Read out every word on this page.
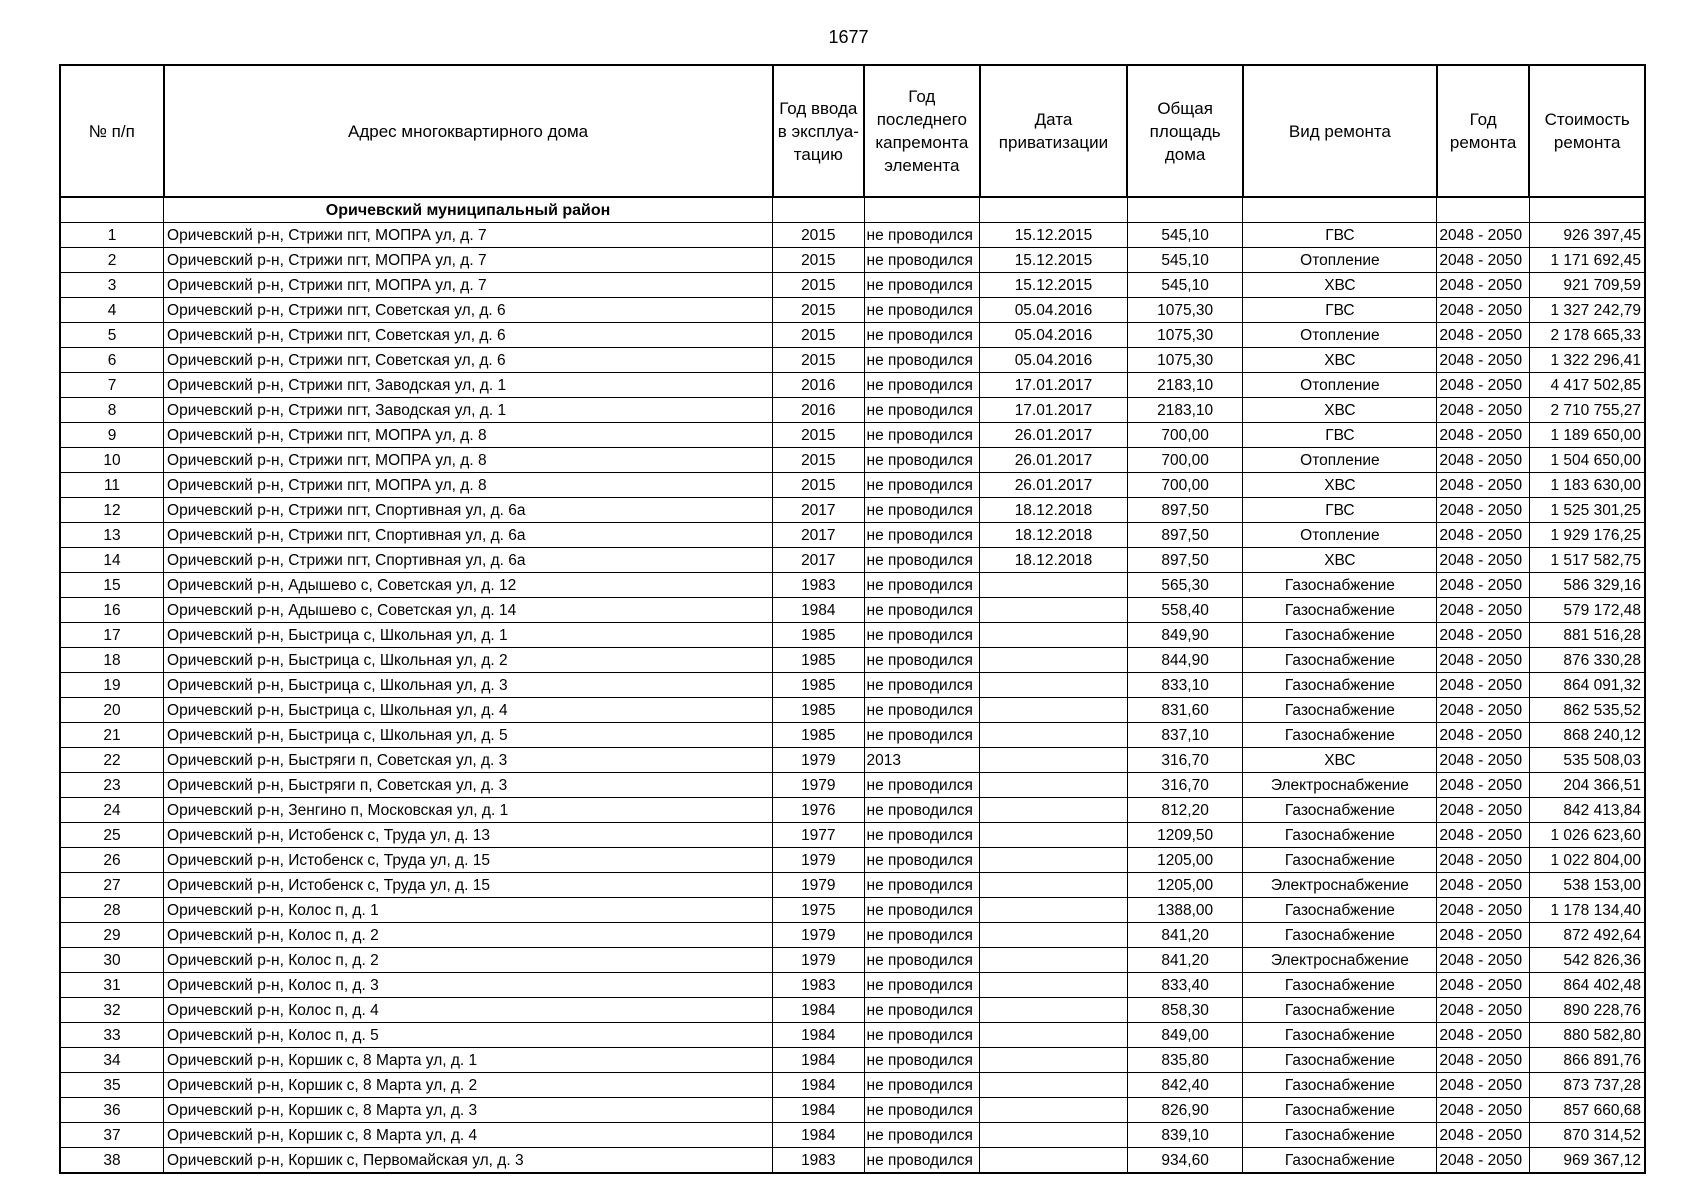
1677
№ п/п	Адрес многоквартирного дома	Год ввода в эксплуа-тацию	Год последнего капремонта элемента	Дата приватизации	Общая площадь дома	Вид ремонта	Год ремонта	Стоимость ремонта
	Оричевский муниципальный район							
1	Оричевский р-н, Стрижи пгт, МОПРА ул, д. 7	2015	не проводился	15.12.2015	545,10	ГВС	2048 - 2050	926 397,45
2	Оричевский р-н, Стрижи пгт, МОПРА ул, д. 7	2015	не проводился	15.12.2015	545,10	Отопление	2048 - 2050	1 171 692,45
3	Оричевский р-н, Стрижи пгт, МОПРА ул, д. 7	2015	не проводился	15.12.2015	545,10	ХВС	2048 - 2050	921 709,59
4	Оричевский р-н, Стрижи пгт, Советская ул, д. 6	2015	не проводился	05.04.2016	1075,30	ГВС	2048 - 2050	1 327 242,79
5	Оричевский р-н, Стрижи пгт, Советская ул, д. 6	2015	не проводился	05.04.2016	1075,30	Отопление	2048 - 2050	2 178 665,33
6	Оричевский р-н, Стрижи пгт, Советская ул, д. 6	2015	не проводился	05.04.2016	1075,30	ХВС	2048 - 2050	1 322 296,41
7	Оричевский р-н, Стрижи пгт, Заводская ул, д. 1	2016	не проводился	17.01.2017	2183,10	Отопление	2048 - 2050	4 417 502,85
8	Оричевский р-н, Стрижи пгт, Заводская ул, д. 1	2016	не проводился	17.01.2017	2183,10	ХВС	2048 - 2050	2 710 755,27
9	Оричевский р-н, Стрижи пгт, МОПРА ул, д. 8	2015	не проводился	26.01.2017	700,00	ГВС	2048 - 2050	1 189 650,00
10	Оричевский р-н, Стрижи пгт, МОПРА ул, д. 8	2015	не проводился	26.01.2017	700,00	Отопление	2048 - 2050	1 504 650,00
11	Оричевский р-н, Стрижи пгт, МОПРА ул, д. 8	2015	не проводился	26.01.2017	700,00	ХВС	2048 - 2050	1 183 630,00
12	Оричевский р-н, Стрижи пгт, Спортивная ул, д. 6а	2017	не проводился	18.12.2018	897,50	ГВС	2048 - 2050	1 525 301,25
13	Оричевский р-н, Стрижи пгт, Спортивная ул, д. 6а	2017	не проводился	18.12.2018	897,50	Отопление	2048 - 2050	1 929 176,25
14	Оричевский р-н, Стрижи пгт, Спортивная ул, д. 6а	2017	не проводился	18.12.2018	897,50	ХВС	2048 - 2050	1 517 582,75
15	Оричевский р-н, Адышево с, Советская ул, д. 12	1983	не проводился		565,30	Газоснабжение	2048 - 2050	586 329,16
16	Оричевский р-н, Адышево с, Советская ул, д. 14	1984	не проводился		558,40	Газоснабжение	2048 - 2050	579 172,48
17	Оричевский р-н, Быстрица с, Школьная ул, д. 1	1985	не проводился		849,90	Газоснабжение	2048 - 2050	881 516,28
18	Оричевский р-н, Быстрица с, Школьная ул, д. 2	1985	не проводился		844,90	Газоснабжение	2048 - 2050	876 330,28
19	Оричевский р-н, Быстрица с, Школьная ул, д. 3	1985	не проводился		833,10	Газоснабжение	2048 - 2050	864 091,32
20	Оричевский р-н, Быстрица с, Школьная ул, д. 4	1985	не проводился		831,60	Газоснабжение	2048 - 2050	862 535,52
21	Оричевский р-н, Быстрица с, Школьная ул, д. 5	1985	не проводился		837,10	Газоснабжение	2048 - 2050	868 240,12
22	Оричевский р-н, Быстряги п, Советская ул, д. 3	1979	2013		316,70	ХВС	2048 - 2050	535 508,03
23	Оричевский р-н, Быстряги п, Советская ул, д. 3	1979	не проводился		316,70	Электроснабжение	2048 - 2050	204 366,51
24	Оричевский р-н, Зенгино п, Московская ул, д. 1	1976	не проводился		812,20	Газоснабжение	2048 - 2050	842 413,84
25	Оричевский р-н, Истобенск с, Труда ул, д. 13	1977	не проводился		1209,50	Газоснабжение	2048 - 2050	1 026 623,60
26	Оричевский р-н, Истобенск с, Труда ул, д. 15	1979	не проводился		1205,00	Газоснабжение	2048 - 2050	1 022 804,00
27	Оричевский р-н, Истобенск с, Труда ул, д. 15	1979	не проводился		1205,00	Электроснабжение	2048 - 2050	538 153,00
28	Оричевский р-н, Колос п, д. 1	1975	не проводился		1388,00	Газоснабжение	2048 - 2050	1 178 134,40
29	Оричевский р-н, Колос п, д. 2	1979	не проводился		841,20	Газоснабжение	2048 - 2050	872 492,64
30	Оричевский р-н, Колос п, д. 2	1979	не проводился		841,20	Электроснабжение	2048 - 2050	542 826,36
31	Оричевский р-н, Колос п, д. 3	1983	не проводился		833,40	Газоснабжение	2048 - 2050	864 402,48
32	Оричевский р-н, Колос п, д. 4	1984	не проводился		858,30	Газоснабжение	2048 - 2050	890 228,76
33	Оричевский р-н, Колос п, д. 5	1984	не проводился		849,00	Газоснабжение	2048 - 2050	880 582,80
34	Оричевский р-н, Коршик с, 8 Марта ул, д. 1	1984	не проводился		835,80	Газоснабжение	2048 - 2050	866 891,76
35	Оричевский р-н, Коршик с, 8 Марта ул, д. 2	1984	не проводился		842,40	Газоснабжение	2048 - 2050	873 737,28
36	Оричевский р-н, Коршик с, 8 Марта ул, д. 3	1984	не проводился		826,90	Газоснабжение	2048 - 2050	857 660,68
37	Оричевский р-н, Коршик с, 8 Марта ул, д. 4	1984	не проводился		839,10	Газоснабжение	2048 - 2050	870 314,52
38	Оричевский р-н, Коршик с, Первомайская ул, д. 3	1983	не проводился		934,60	Газоснабжение	2048 - 2050	969 367,12
